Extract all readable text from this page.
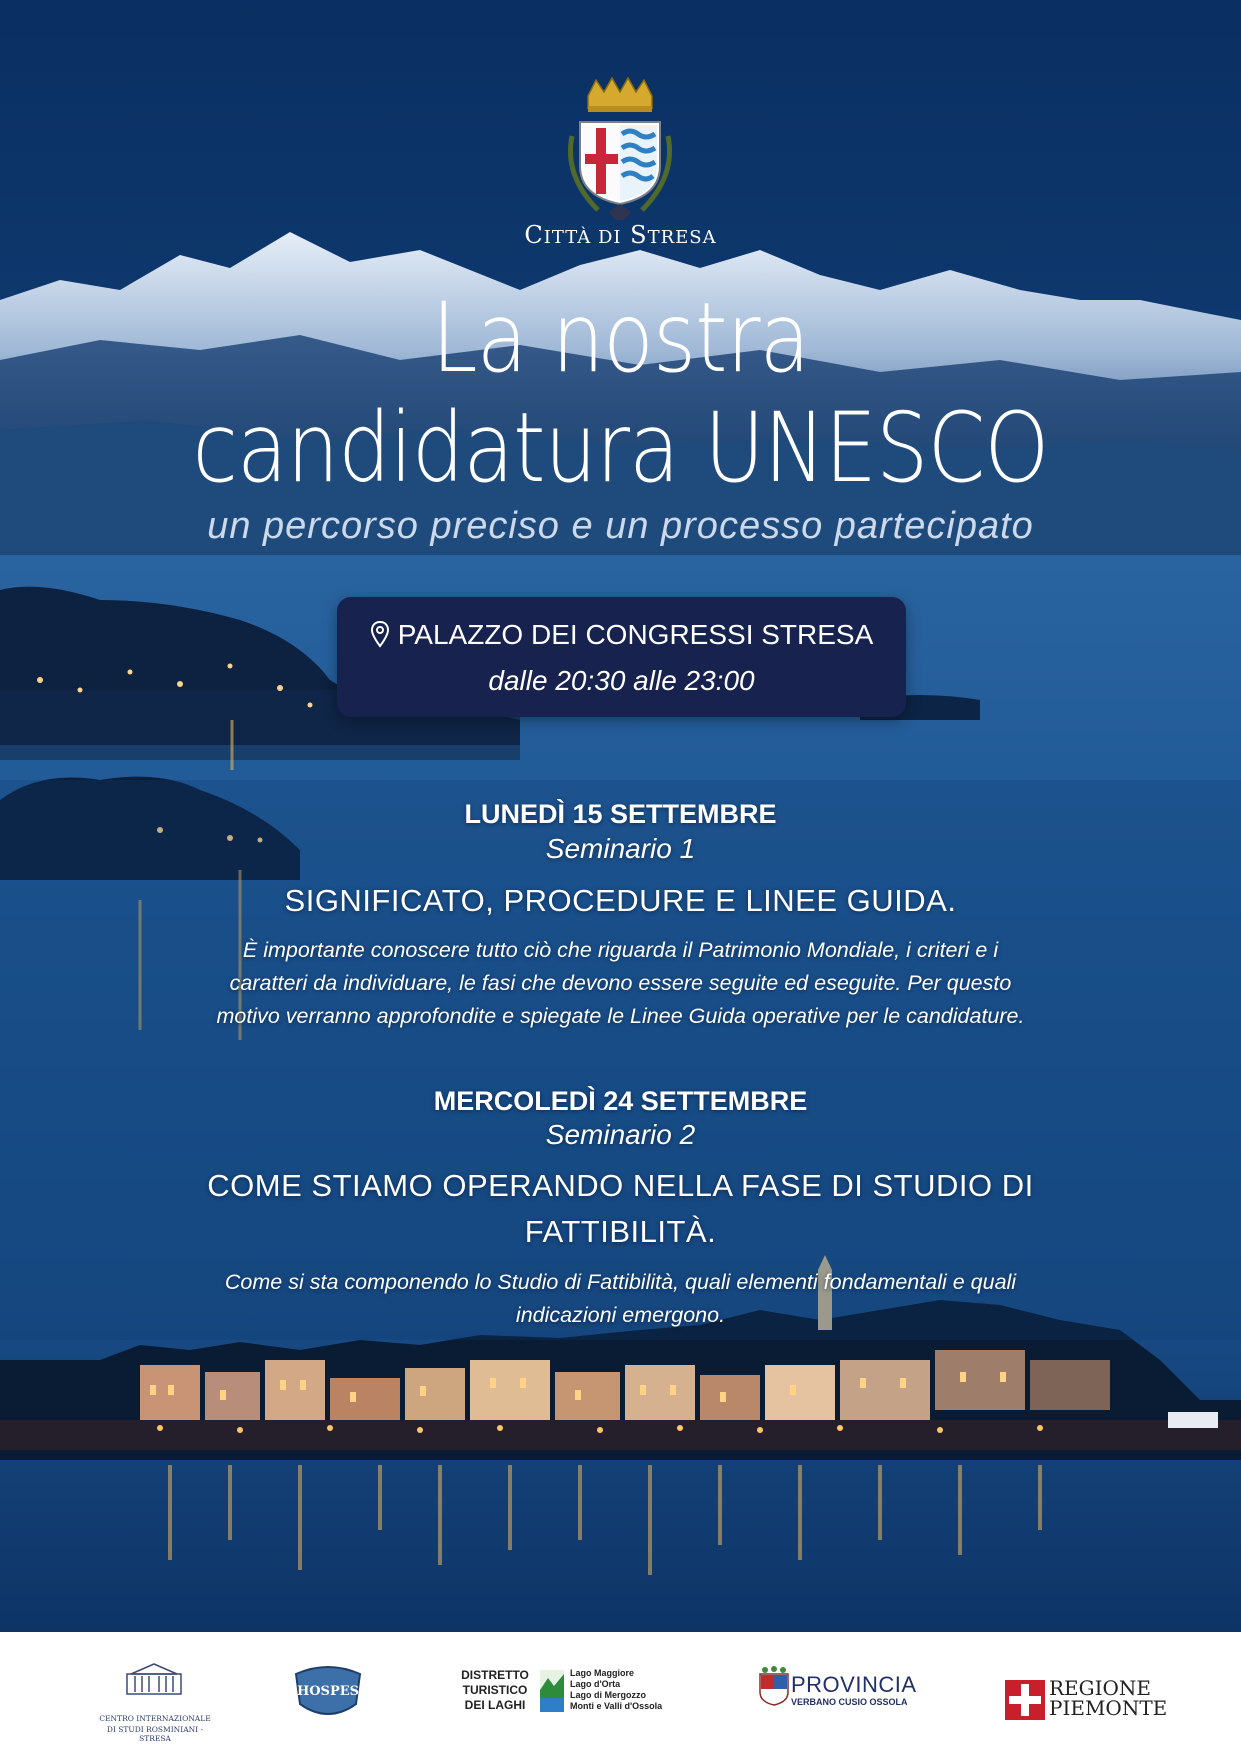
CITTÀ DI STRESA
La nostra
candidatura UNESCO
un percorso preciso e un processo partecipato
PALAZZO DEI CONGRESSI STRESA
dalle 20:30 alle 23:00
LUNEDÌ 15 SETTEMBRE
Seminario 1
SIGNIFICATO, PROCEDURE E LINEE GUIDA.
È importante conoscere tutto ciò che riguarda il Patrimonio Mondiale, i criteri e i
caratteri da individuare, le fasi che devono essere seguite ed eseguite. Per questo
motivo verranno approfondite e spiegate le Linee Guida operative per le candidature.
MERCOLEDÌ 24 SETTEMBRE
Seminario 2
COME STIAMO OPERANDO NELLA FASE DI STUDIO DI
FATTIBILITÀ.
Come si sta componendo lo Studio di Fattibilità, quali elementi fondamentali e quali
indicazioni emergono.
CENTRO INTERNAZIONALE
DI STUDI ROSMINIANI - STRESA
HOSPES
DISTRETTO
TURISTICO
DEI LAGHI
Lago Maggiore
Lago d'Orta
Lago di Mergozzo
Monti e Valli d'Ossola
PROVINCIA
VERBANO CUSIO OSSOLA
REGIONE
PIEMONTE
